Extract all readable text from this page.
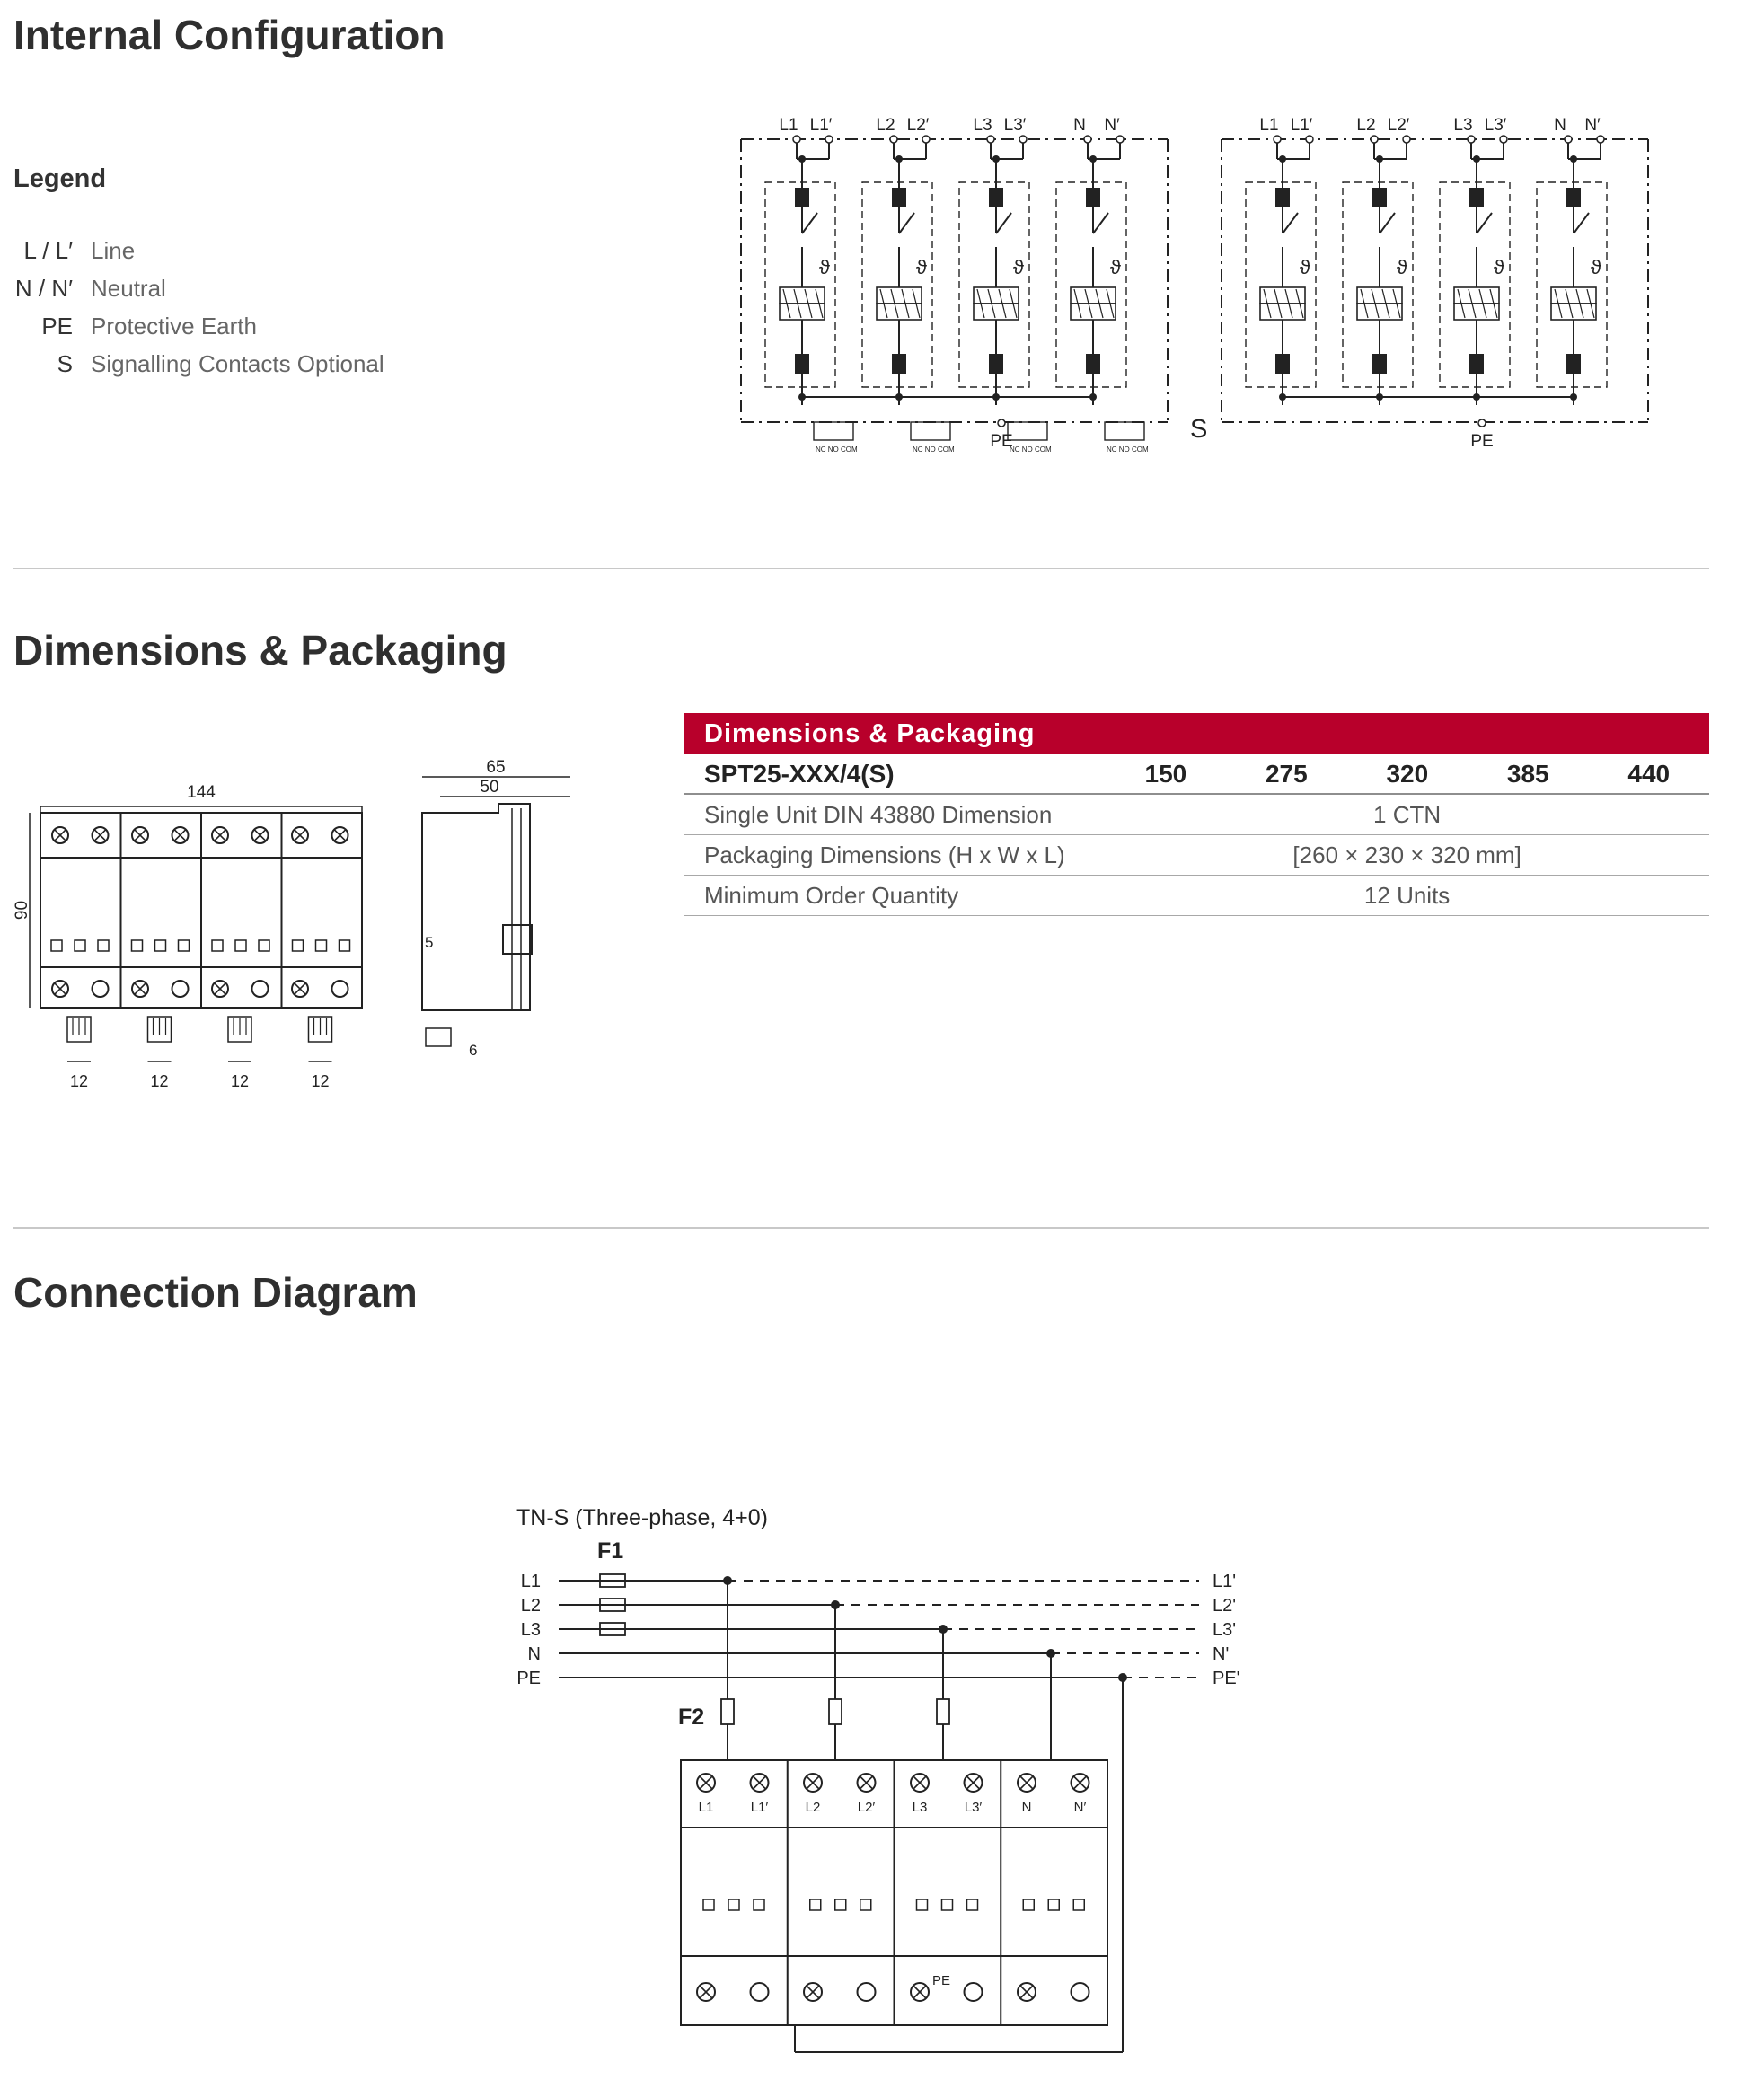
Internal Configuration
Dimensions & Packaging
Connection Diagram
Legend
L / L′ Line
N / N′ Neutral
PE Protective Earth
S Signalling Contacts Optional
L1 L1′
ϑ
NC NO COM
L2 L2′
ϑ
NC NO COM
L3 L3′
ϑ
NC NO COM
N N′
ϑ
NC NO COM
PE	S
L1 L1′
ϑ
L2 L2′
ϑ
L3 L3′
ϑ
N N′
ϑ
PE
144
90
12	12	12	12
65
50
5
6
Dimensions & Packaging
SPT25-XXX/4(S)	150	275	320	385	440
Single Unit DIN 43880 Dimension	1 CTN
Packaging Dimensions (H x W x L)	[260 × 230 × 320 mm]
Minimum Order Quantity	12 Units
TN-S (Three-phase, 4+0)
F1
F2
L1	L1'
L2	L2'
L3	L3'
N	N'
PE	PE'
L1	L1′	L2	L2′	L3	L3′	N	N′
PE
